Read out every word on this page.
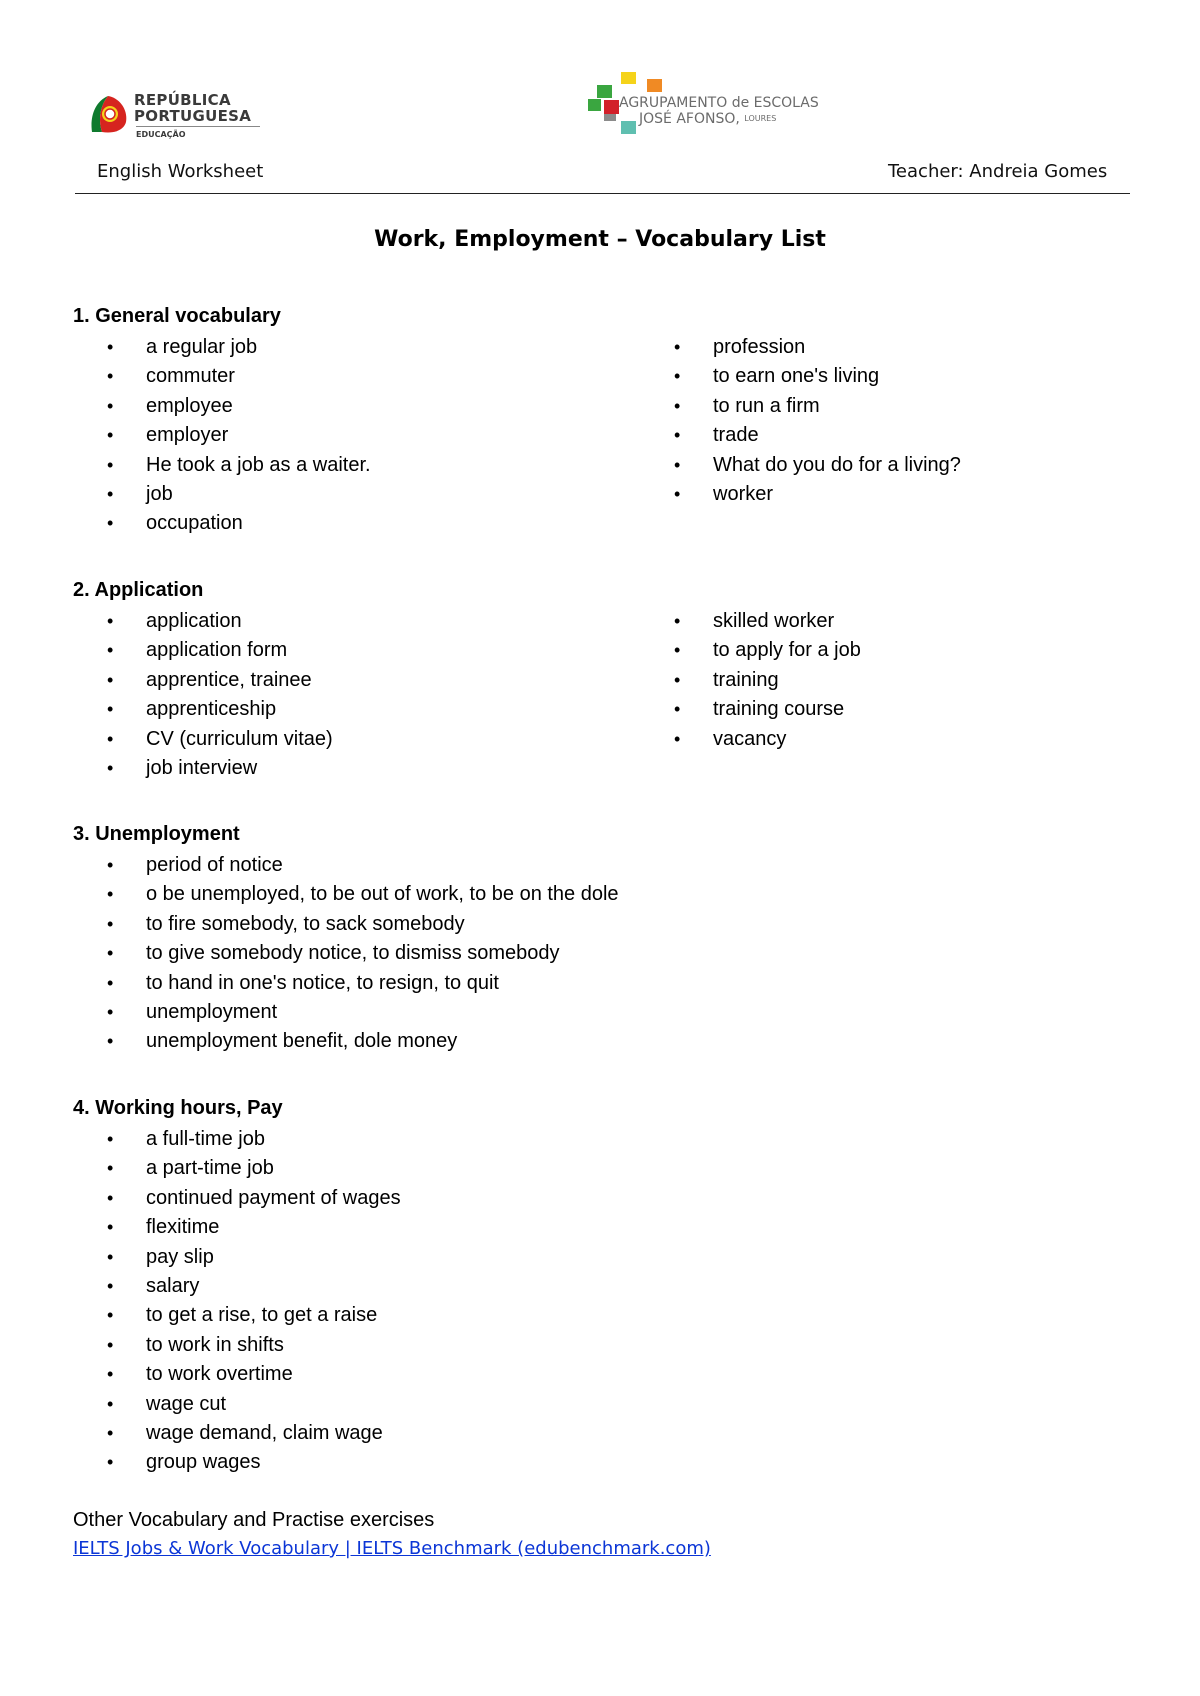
REPÚBLICA
PORTUGUESA
EDUCAÇÃO
AGRUPAMENTO de ESCOLAS
JOSÉ AFONSO, $^{LOURES}$
English Worksheet	Teacher: Andreia Gomes
Work, Employment – Vocabulary List
1. General vocabulary
• a regular job
• commuter
• employee
• employer
• He took a job as a waiter.
• job
• occupation
• profession
• to earn one's living
• to run a firm
• trade
• What do you do for a living?
• worker
2. Application
• application
• application form
• apprentice, trainee
• apprenticeship
• CV (curriculum vitae)
• job interview
• skilled worker
• to apply for a job
• training
• training course
• vacancy
3. Unemployment
• period of notice
• o be unemployed, to be out of work, to be on the dole
• to fire somebody, to sack somebody
• to give somebody notice, to dismiss somebody
• to hand in one's notice, to resign, to quit
• unemployment
• unemployment benefit, dole money
4. Working hours, Pay
• a full-time job
• a part-time job
• continued payment of wages
• flexitime
• pay slip
• salary
• to get a rise, to get a raise
• to work in shifts
• to work overtime
• wage cut
• wage demand, claim wage
• group wages
Other Vocabulary and Practise exercises
IELTS Jobs & Work Vocabulary | IELTS Benchmark (edubenchmark.com)
